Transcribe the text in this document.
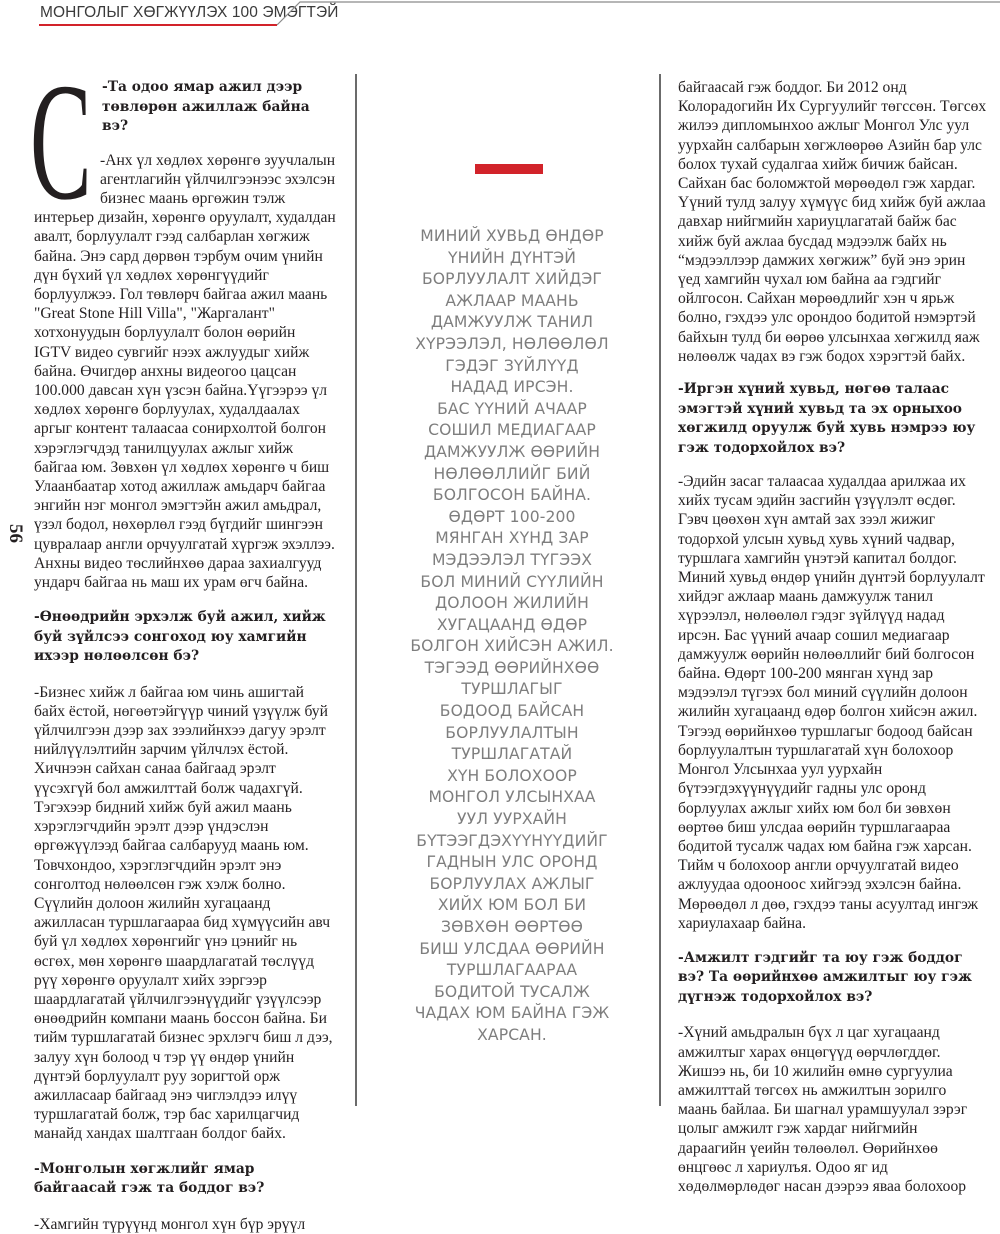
МОНГОЛЫГ ХӨГЖҮҮЛЭХ 100 ЭМЭГТЭЙ
56
С -Та одоо ямар ажил дээр төвлөрөн ажиллаж байна вэ?

-Анх үл хөдлөх хөрөнгө зуучлалын агентлагийн үйлчилгээнээс эхэлсэн бизнес маань өргөжин тэлж интерьер дизайн, хөрөнгө оруулалт, худалдан авалт, борлуулалт гээд салбарлан хөгжиж байна. Энэ сард дөрвөн тэрбум очим үнийн дүн бүхий үл хөдлөх хөрөнгүүдийг борлуулжээ. Гол төвлөрч байгаа ажил маань "Great Stone Hill Villa", "Жаргалант" хотхонуудын борлуулалт болон өөрийн IGTV видео сувгийг нээх ажлуудыг хийж байна. Өчигдөр анхны видеогоо цацсан 100.000 давсан хүн үзсэн байна.Үүгээрээ үл хөдлөх хөрөнгө борлуулах, худалдаалах аргыг контент талаасаа сонирхолтой болгон хэрэглэгчдэд танилцуулах ажлыг хийж байгаа юм. Зөвхөн үл хөдлөх хөрөнгө ч биш Улаанбаатар хотод ажиллаж амьдарч байгаа энгийн нэг монгол эмэгтэйн ажил амьдрал, үзэл бодол, нөхөрлөл гээд бүгдийг шингээн цувралаар англи орчуулгатай хүргэж эхэллээ. Анхны видео төслийнхөө дараа захиалгууд ундарч байгаа нь маш их урам өгч байна.

-Өнөөдрийн эрхэлж буй ажил, хийж буй зүйлсээ сонгоход юу хамгийн ихээр нөлөөлсөн бэ?

-Бизнес хийж л байгаа юм чинь ашигтай байх ёстой, нөгөөтэйгүүр чиний үзүүлж буй үйлчилгээн дээр зах зээлийнхээ дагуу эрэлт нийлүүлэлтийн зарчим үйлчлэх ёстой. Хичнээн сайхан санаа байгаад эрэлт үүсэхгүй бол амжилттай болж чадахгүй. Тэгэхээр бидний хийж буй ажил маань хэрэглэгчдийн эрэлт дээр үндэслэн өргөжүүлээд байгаа салбарууд маань юм. Товчхондоо, хэрэглэгчдийн эрэлт энэ сонголтод нөлөөлсөн гэж хэлж болно. Сүүлийн долоон жилийн хугацаанд ажилласан туршлагаараа бид хүмүүсийн авч буй үл хөдлөх хөрөнгийг үнэ цэнийг нь өсгөх, мөн хөрөнгө шаардлагатай төслүүд рүү хөрөнгө оруулалт хийх зэргээр шаардлагатай үйлчилгээнүүдийг үзүүлсээр өнөөдрийн компани маань боссон байна. Би тийм туршлагатай бизнес эрхлэгч биш л дээ, залуу хүн болоод ч тэр үү өндөр үнийн дүнтэй борлуулалт руу зоригтой орж ажилласаар байгаад энэ чиглэлдээ илүү туршлагатай болж, тэр бас харилцагчид манайд хандах шалтгаан болдог байх.

-Монголын хөгжлийг ямар байгаасай гэж та боддог вэ?

-Хамгийн түрүүнд монгол хүн бүр эрүүл

МИНИЙ ХУВЬД ӨНДӨР
ҮНИЙН ДҮНТЭЙ
БОРЛУУЛАЛТ ХИЙДЭГ
АЖЛААР МААНЬ
ДАМЖУУЛЖ ТАНИЛ
ХҮРЭЭЛЭЛ, НӨЛӨӨЛӨЛ
ГЭДЭГ ЗҮЙЛҮҮД
НАДАД ИРСЭН.
БАС ҮҮНИЙ АЧААР
СОШИЛ МЕДИАГААР
ДАМЖУУЛЖ ӨӨРИЙН
НӨЛӨӨЛЛИЙГ БИЙ
БОЛГОСОН БАЙНА.
ӨДӨРТ 100-200
МЯНГАН ХҮНД ЗАР
МЭДЭЭЛЭЛ ТҮГЭЭХ
БОЛ МИНИЙ СҮҮЛИЙН
ДОЛООН ЖИЛИЙН
ХУГАЦААНД ӨДӨР
БОЛГОН ХИЙСЭН АЖИЛ.
ТЭГЭЭД ӨӨРИЙНХӨӨ
ТУРШЛАГЫГ
БОДООД БАЙСАН
БОРЛУУЛАЛТЫН
ТУРШЛАГАТАЙ
ХҮН БОЛОХООР
МОНГОЛ УЛСЫНХАА
УУЛ УУРХАЙН
БҮТЭЭГДЭХҮҮНҮҮДИЙГ
ГАДНЫН УЛС ОРОНД
БОРЛУУЛАХ АЖЛЫГ
ХИЙХ ЮМ БОЛ БИ
ЗӨВХӨН ӨӨРТӨӨ
БИШ УЛСДАА ӨӨРИЙН
ТУРШЛАГААРАА
БОДИТОЙ ТУСАЛЖ
ЧАДАХ ЮМ БАЙНА ГЭЖ
ХАРСАН.

байгаасай гэж боддог. Би 2012 онд Колорадогийн Их Сургуулийг төгссөн. Төгсөх жилээ дипломынхоо ажлыг Монгол Улс уул уурхайн салбарын хөгжлөөрөө Азийн бар улс болох тухай судалгаа хийж бичиж байсан. Сайхан бас боломжтой мөрөөдөл гэж хардаг. Үүний тулд залуу хүмүүс бид хийж буй ажлаа давхар нийгмийн хариуцлагатай байж бас хийж буй ажлаа бусдад мэдээлж байх нь “мэдээллээр дамжих хөгжиж” буй энэ эрин үед хамгийн чухал юм байна аа гэдгийг ойлгосон. Сайхан мөрөөдлийг хэн ч ярьж болно, гэхдээ улс орондоо бодитой нэмэртэй байхын тулд би өөрөө улсынхаа хөгжилд яаж нөлөөлж чадах вэ гэж бодох хэрэгтэй байх.

-Иргэн хүний хувьд, нөгөө талаас эмэгтэй хүний хувьд та эх орныхоо хөгжилд оруулж буй хувь нэмрээ юу гэж тодорхойлох вэ?

-Эдийн засаг талаасаа худалдаа арилжаа их хийх тусам эдийн засгийн үзүүлэлт өсдөг. Гэвч цөөхөн хүн амтай зах зээл жижиг тодорхой улсын хувьд хувь хүний чадвар, туршлага хамгийн үнэтэй капитал болдог. Миний хувьд өндөр үнийн дүнтэй борлуулалт хийдэг ажлаар маань дамжуулж танил хүрээлэл, нөлөөлөл гэдэг зүйлүүд надад ирсэн. Бас үүний ачаар сошил медиагаар дамжуулж өөрийн нөлөөллийг бий болгосон байна. Өдөрт 100-200 мянган хүнд зар мэдээлэл түгээх бол миний сүүлийн долоон жилийн хугацаанд өдөр болгон хийсэн ажил. Тэгээд өөрийнхөө туршлагыг бодоод байсан борлуулалтын туршлагатай хүн болохоор Монгол Улсынхаа уул уурхайн бүтээгдэхүүнүүдийг гадны улс оронд борлуулах ажлыг хийх юм бол би зөвхөн өөртөө биш улсдаа өөрийн туршлагаараа бодитой тусалж чадах юм байна гэж харсан. Тийм ч болохоор англи орчуулгатай видео ажлуудаа одооноос хийгээд эхэлсэн байна. Мөрөөдөл л дөө, гэхдээ таны асуултад ингэж хариулахаар байна.

-Амжилт гэдгийг та юу гэж боддог вэ? Та өөрийнхөө амжилтыг юу гэж дүгнэж тодорхойлох вэ?

-Хүний амьдралын бүх л цаг хугацаанд амжилтыг харах өнцөгүүд өөрчлөгддөг. Жишээ нь, би 10 жилийн өмнө сургуулиа амжилттай төгсөх нь амжилтын зорилго маань байлаа. Би шагнал урамшуулал зэрэг цолыг амжилт гэж хардаг нийгмийн дараагийн үеийн төлөөлөл. Өөрийнхөө өнцгөөс л хариулъя. Одоо яг ид хөдөлмөрлөдөг насан дээрээ яваа болохоор
